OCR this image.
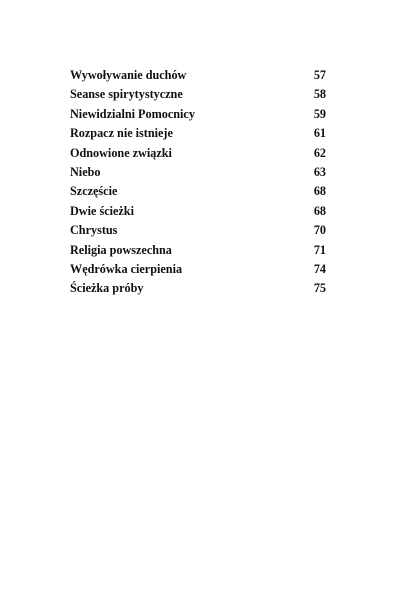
Wywoływanie duchów	57
Seanse spirytystyczne	58
Niewidzialni Pomocnicy	59
Rozpacz nie istnieje	61
Odnowione związki	62
Niebo	63
Szczęście	68
Dwie ścieżki	68
Chrystus	70
Religia powszechna	71
Wędrówka cierpienia	74
Ścieżka próby	75
